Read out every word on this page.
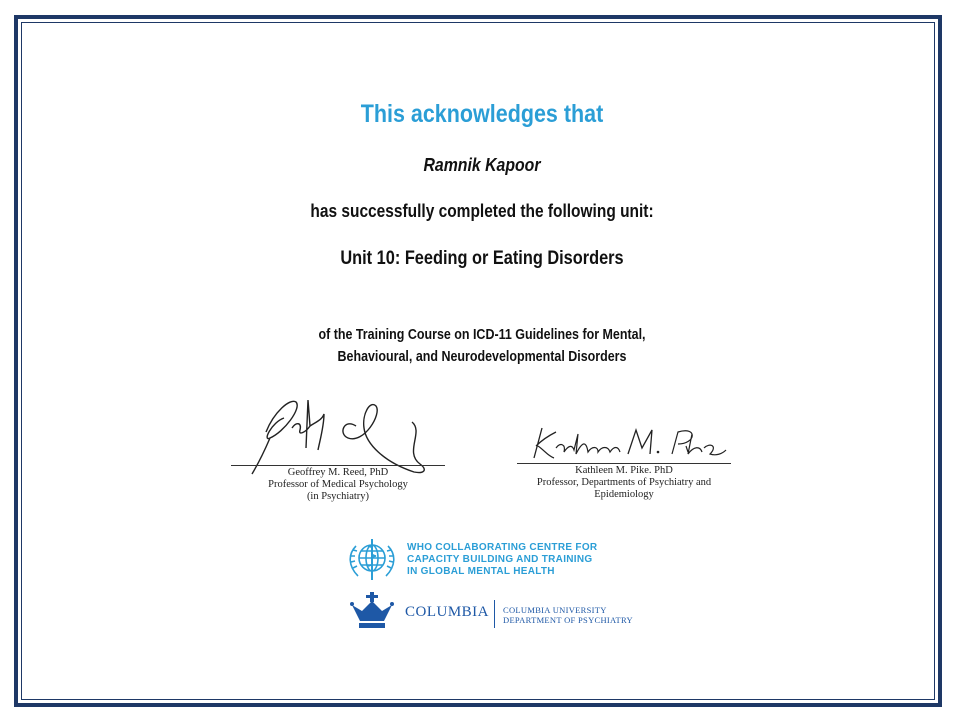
This acknowledges that
Ramnik Kapoor
has successfully completed the following unit:
Unit 10: Feeding or Eating Disorders
of the Training Course on ICD-11 Guidelines for Mental,
Behavioural, and Neurodevelopmental Disorders
Geoffrey M. Reed, PhD
Professor of Medical Psychology
(in Psychiatry)
Kathleen M. Pike. PhD
Professor, Departments of Psychiatry and
Epidemiology
WHO COLLABORATING CENTRE FOR
CAPACITY BUILDING AND TRAINING
IN GLOBAL MENTAL HEALTH
COLUMBIA COLUMBIA UNIVERSITY
DEPARTMENT OF PSYCHIATRY
